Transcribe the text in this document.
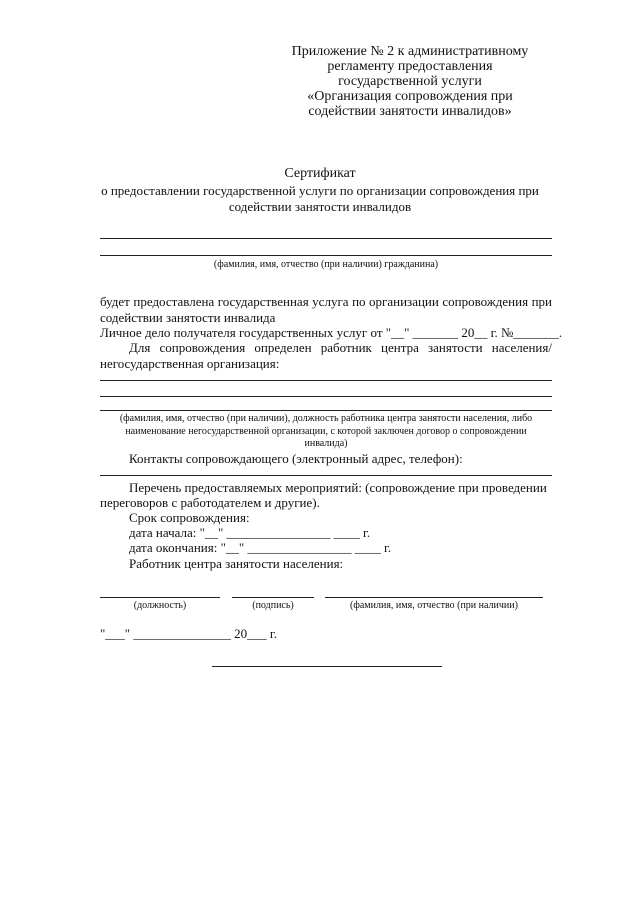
Приложение № 2 к административному
регламенту предоставления
государственной услуги
«Организация сопровождения при
содействии занятости инвалидов»
Сертификат
о предоставлении государственной услуги по организации сопровождения при
содействии занятости инвалидов
(фамилия, имя, отчество (при наличии) гражданина)
будет предоставлена государственная услуга по организации сопровождения при
содействии занятости инвалида
Личное дело получателя государственных услуг от "__" _______ 20__ г. №_______.
Для сопровождения определен работник центра занятости населения/
негосударственная организация:
(фамилия, имя, отчество (при наличии), должность работника центра занятости населения, либо
наименование негосударственной организации, с которой заключен договор о сопровождении
инвалида)
Контакты сопровождающего (электронный адрес, телефон):
Перечень предоставляемых мероприятий: (сопровождение при проведении
переговоров с работодателем и другие).
Срок сопровождения:
дата начала: "__" ________________ ____ г.
дата окончания: "__" ________________ ____ г.
Работник центра занятости населения:
(должность)	(подпись)	(фамилия, имя, отчество (при наличии)
"___" _______________ 20___ г.
